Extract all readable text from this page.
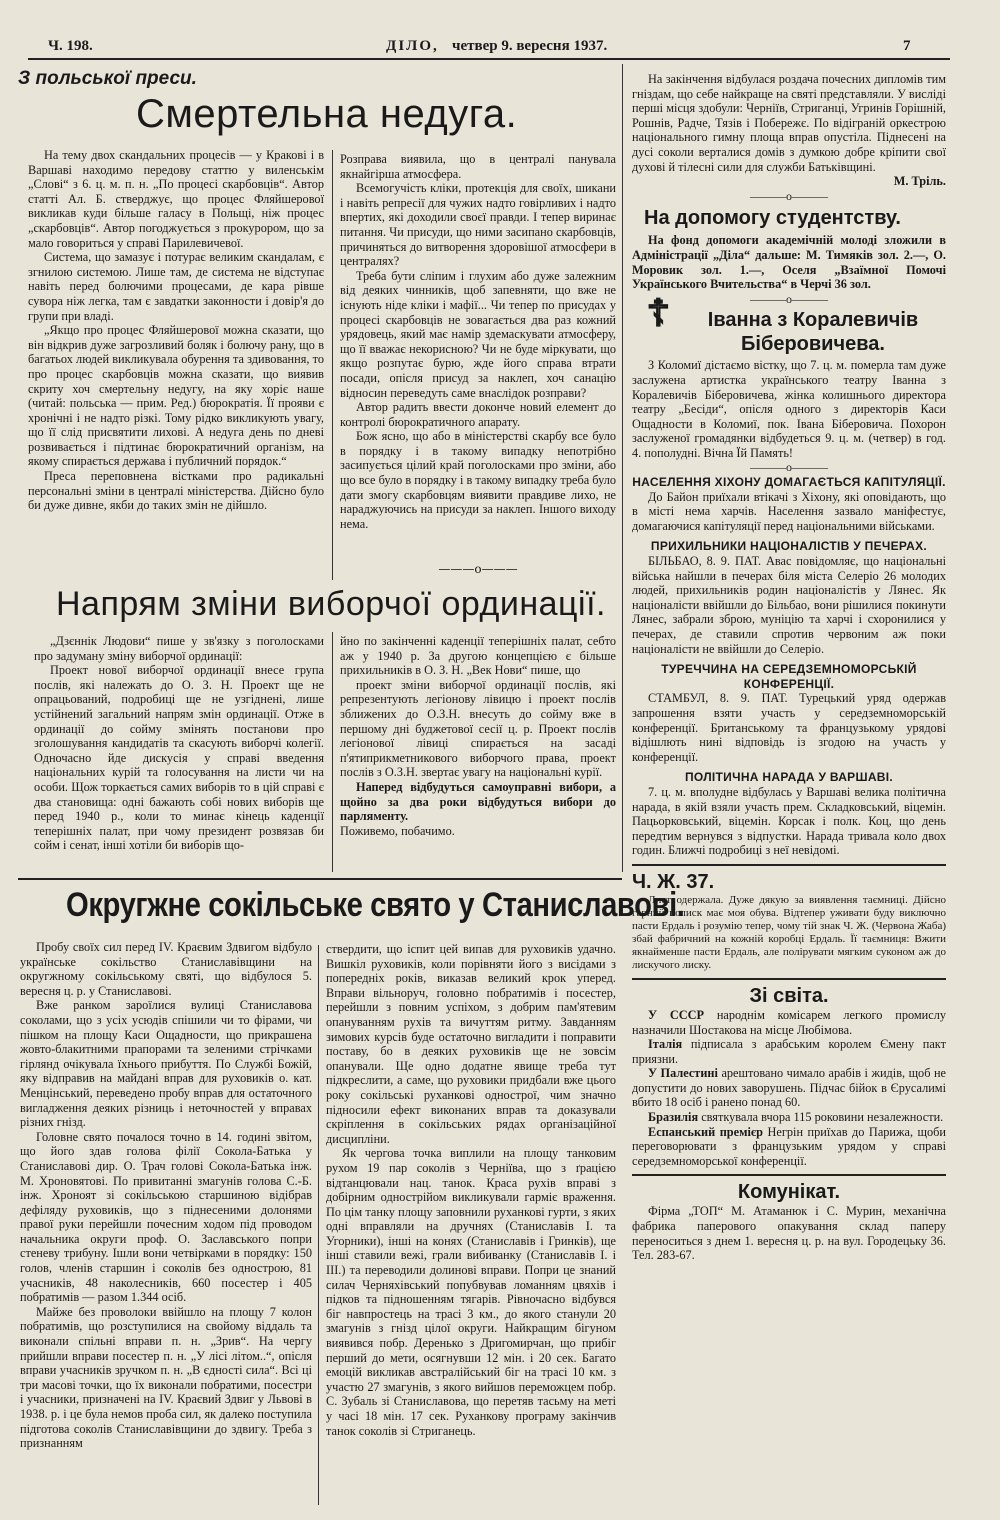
Ч. 198.	ДІЛО, четвер 9. вересня 1937.	7
З польської преси.
Смертельна недуга.

На тему двох скандальних процесів — у Кракові і в Варшаві находимо передову статтю у виленськім „Слові“ з 6. ц. м. п. н. „По процесі скарбовців“. Автор статті Ал. Б. стверджує, що процес Фляйшерової викликав куди більше галасу в Польщі, ніж процес „скарбовців“. Автор погоджується з прокурором, що за мало говориться у справі Парилевичевої.

Система, що замазує і потурає великим скандалам, є згнилою системою. Лише там, де система не відступає навіть перед болючими процесами, де кара рівше сувора ніж легка, там є завдатки законности і довір'я до групи при владі.

„Якщо про процес Фляйшерової можна сказати, що він відкрив дуже загрозливий боляк і болючу рану, що в багатьох людей викликувала обурення та здивовання, то про процес скарбовців можна сказати, що виявив скриту хоч смертельну недугу, на яку хоріє наше (читай: польська — прим. Ред.) бюрократія. Її прояви є хронічні і не надто різкі. Тому рідко викликують увагу, що її слід присвятити лихові. А недуга день по дневі розвивається і підтинає бюрократичний організм, на якому спирається держава і публичний порядок.“

Преса переповнена вістками про радикальні персональні зміни в централі міністерства. Дійсно було би дуже дивне, якби до таких змін не дійшло.

Розправа виявила, що в централі панувала якнайгірша атмосфера.

Всемогучість кліки, протекція для своїх, шикани і навіть репресії для чужих надто говірливих і надто впертих, які доходили своєї правди. І тепер виринає питання. Чи присуди, що ними засипано скарбовців, причиняться до витворення здоровішої атмосфери в централях?

Треба бути сліпим і глухим або дуже залежним від деяких чинників, щоб запевняти, що вже не існують ніде кліки і мафії... Чи тепер по присудах у процесі скарбовців не зовагається два раз кожний урядовець, який має намір здемаскувати атмосферу, що її вважає некорисною? Чи не буде міркувати, що якщо розпутає бурю, жде його справа втрати посади, опісля присуд за наклеп, хоч санацію відносин переведуть саме внаслідок розправи?

Автор радить ввести доконче новий елемент до контролі бюрократичного апарату.

Бож ясно, що або в міністерстві скарбу все було в порядку і в такому випадку непотрібно засипується цілий край поголосками про зміни, або що все було в порядку і в такому випадку треба було дати змогу скарбовцям виявити правдиве лихо, не нараджуючись на присуди за наклеп. Іншого виходу нема.

———о———
Напрям зміни виборчої ординації.

„Дзєннік Людови“ пише у зв'язку з поголосками про задуману зміну виборчої ординації:

Проект нової виборчої ординації внесе група послів, які належать до О. З. Н. Проект ще не опрацьований, подробиці ще не узгіднені, лише устійнений загальний напрям змін ординації. Отже в ординації до сойму змінять постанови про зголошування кандидатів та скасують виборчі колегії. Одночасно йде дискусія у справі введення національних курій та голосування на листи чи на особи. Щож торкається самих виборів то в цій справі є два становища: одні бажають собі нових виборів ще перед 1940 р., коли то минає кінець каденції теперішніх палат, при чому президент розвязав би сойм і сенат, інші хотіли би виборів що-

йно по закінченні каденції теперішніх палат, себто аж у 1940 р. За другою концепцією є більше прихильників в О. З. Н. „Век Нови“ пише, що

проект зміни виборчої ординації послів, які репрезентують легіонову лівицю і проект послів зближених до О.З.Н. внесуть до сойму вже в першому дні буджетової сесії ц. р. Проект послів легіонової лівиці спирається на засаді п'ятиприкметникового виборчого права, проект послів з О.З.Н. звертає увагу на національні курії.

Наперед відбудуться самоуправні вибори, а щойно за два роки відбудуться вибори до парляменту.

Поживемо, побачимо.

Округжне сокільське свято у Станиславові.

Пробу своїх сил перед IV. Краєвим Здвигом відбуло українське сокільство Станиславівщини на округжному сокільському святі, що відбулося 5. вересня ц. р. у Станиславові.

Вже ранком зароїлися вулиці Станиславова соколами, що з усіх усюдів спішили чи то фірами, чи пішком на площу Каси Ощадности, що прикрашена жовто-блакитними прапорами та зеленими стрічками гірлянд очікувала їхнього прибуття. По Службі Божій, яку відправив на майдані вправ для руховиків о. кат. Менцінський, переведено пробу вправ для остаточного вигладження деяких різниць і неточностей у вправах різних гнізд.

Головне свято почалося точно в 14. годині звітом, що його здав голова філії Сокола-Батька у Станиславові дир. О. Трач голові Сокола-Батька інж. М. Хроновятові. По привитанні змагунів голова С.-Б. інж. Хроноят зі сокільською старшиною відібрав дефіляду руховиків, що з піднесеними долонями правої руки перейшли почесним ходом під проводом начальника округи проф. О. Заславського попри стеневу трибуну. Ішли вони четвірками в порядку: 150 голов, членів старшин і соколів без однострою, 81 учасників, 48 наколесників, 660 посестер і 405 побратимів — разом 1.344 осіб.

Майже без проволоки ввійшло на площу 7 колон побратимів, що розступилися на свойому віддаль та виконали спільні вправи п. н. „Зрив“. На чергу прийшли вправи посестер п. н. „У лісі літом..“, опісля вправи учасників зручком п. н. „В єдності сила“. Всі ці три масові точки, що їх виконали побратими, посестри і учасники, призначені на IV. Краєвий Здвиг у Львові в 1938. р. і це була немов проба сил, як далеко поступила підготова соколів Станиславівщини до здвигу. Треба з признанням

ствердити, що іспит цей випав для руховиків удачно. Вишкіл руховиків, коли порівняти його з висідами з попередніх років, виказав великий крок уперед. Вправи вільноруч, головно побратимів і посестер, перейшли з повним успіхом, з добрим пам'ятевим опануванням рухів та вичуттям ритму. Завданням зимових курсів буде остаточно вигладити і поправити поставу, бо в деяких руховиків ще не зовсім опанували. Ще одно додатне явище треба тут підкреслити, а саме, що руховики придбали вже цього року сокільські руханкові однострої, чим значно підносили ефект виконаних вправ та доказували скріплення в сокільських рядах організаційної дисципліни.

Як чергова точка виплили на площу танковим рухом 19 пар соколів з Черніїва, що з ґрацією відтанцювали нац. танок. Краса рухів вправі з добірним однострійом викликували гарміє враження. По цім танку площу заповнили руханкові гурти, з яких одні вправляли на дручнях (Станиславів I. та Угорники), інші на конях (Станиславів і Гринків), ще інші ставили вежі, грали вибиванку (Станиславів I. і III.) та переводили долинові вправи. Попри це знаний силач Черняхівський попубвував ломанням цвяхів і підков та підношенням тягарів. Рівночасно відбувся біг навпростець на трасі 3 км., до якого станули 20 змагунів з гнізд цілої округи. Найкращим бігуном виявився побр. Деренько з Дригомирчан, що прибіг перший до мети, осягнувши 12 мін. і 20 сек. Багато емоцій викликав австралійський біг на трасі 10 км. з участю 27 змагунів, з якого вийшов переможцем побр. С. Зубаль зі Станиславова, що перетяв тасьму на меті у часі 18 мін. 17 сек. Руханкову програму закінчив танок соколів зі Стриганець.

На закінчення відбулася роздача почесних дипломів тим гніздам, що себе найкраще на святі представляли. У висліді перші місця здобули: Черніїв, Стриганці, Угринів Горішній, Рошнів, Радче, Тязів і Побережє. По відіграній оркестрою національного гимну площа вправ опустіла. Піднесені на дусі соколи верталися домів з думкою добре кріпити свої духові й тілесні сили для служби Батьківщині.

М. Тріль.
———о———
На допомогу студентству.

На фонд допомоги академічній молоді зложили в Адміністрації „Діла“ дальше: М. Тимяків зол. 2.—, О. Моровик зол. 1.—, Оселя „Взаїмної Помочі Українського Вчительства“ в Черчі 36 зол.

———о———
☦	Іванна з Коралевичів
Біберовичева.

З Коломиї дістаємо вістку, що 7. ц. м. померла там дуже заслужена артистка українського театру Іванна з Коралевичів Біберовичева, жінка колишнього директора театру „Бесіди“, опісля одного з директорів Каси Ощадности в Коломиї, пок. Івана Біберовича. Похорон заслуженої громадянки відбудеться 9. ц. м. (четвер) в год. 4. пополудні. Вічна Їй Память!

———о———
НАСЕЛЕННЯ ХІХОНУ ДОМАГАЄТЬСЯ КАПІТУЛЯЦІЇ.

До Байон приїхали втікачі з Хіхону, які оповідають, що в місті нема харчів. Населення зазвало маніфестує, домагаючися капітуляції перед національними військами.

ПРИХИЛЬНИКИ НАЦІОНАЛІСТІВ У ПЕЧЕРАХ.

БІЛЬБАО, 8. 9. ПАТ. Авас повідомляє, що національні війська найшли в печерах біля міста Селеріо 26 молодих людей, прихильників родин націоналістів у Лянес. Як націоналісти ввійшли до Більбао, вони рішилися покинути Лянес, забрали зброю, муніцію та харчі і схоронилися у печерах, де ставили спротив червоним аж поки націоналісти не ввійшли до Селеріо.

ТУРЕЧЧИНА НА СЕРЕДЗЕМНОМОРСЬКІЙ КОНФЕРЕНЦІЇ.

СТАМБУЛ, 8. 9. ПАТ. Турецький уряд одержав запрошення взяти участь у середземноморській конференції. Британському та французькому урядові відішлють нині відповідь із згодою на участь у конференції.

ПОЛІТИЧНА НАРАДА У ВАРШАВІ.

7. ц. м. вполудне відбулась у Варшаві велика політична нарада, в якій взяли участь прем. Складковський, віцемін. Пацьорковський, віцемін. Корсак і полк. Коц, що день передтим вернувся з відпустки. Нарада тривала коло двох годин. Ближчі подробиці з неї невідомі.

Ч. Ж. 37.

Лист одержала. Дуже дякую за виявлення таємниці. Дійсно гарний полиск має моя обува. Відтепер уживати буду виключно пасти Ердаль і розумію тепер, чому тій знак Ч. Ж. (Червона Жаба) збай фабричний на кожній коробці Ердаль. Її таємниця: Вжити якнайменше пасти Ердаль, але полірувати мягким суконом аж до лискучого лиску.

Зі світа.

У СССР народнім комісарем легкого промислу назначили Шостакова на місце Любімова.

Італія підписала з арабським королем Ємену пакт приязни.

У Палестині арештовано чимало арабів і жидів, щоб не допустити до нових заворушень. Підчас бійок в Єрусалимі вбито 18 осіб і ранено понад 60.

Бразилія святкувала вчора 115 роковини незалежности.

Еспанський премієр Негрін приїхав до Парижа, щоби переговорювати з французьким урядом у справі середземноморської конференції.

Комунікат.

Фірма „ТОП“ М. Атаманюк і С. Мурин, механічна фабрика паперового опакування склад паперу переноситься з днем 1. вересня ц. р. на вул. Городецьку 36. Тел. 283-67.
